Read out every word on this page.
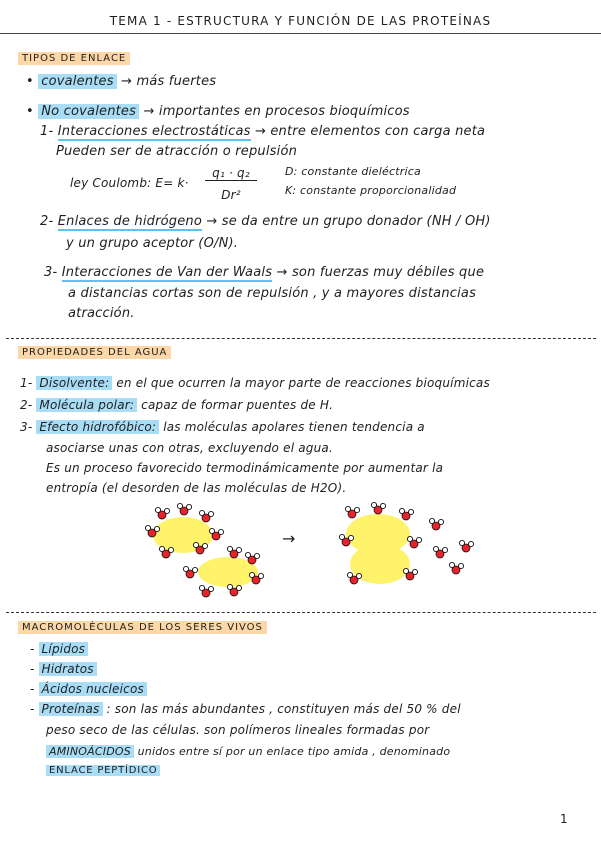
TEMA 1 - ESTRUCTURA Y FUNCIÓN DE LAS PROTEÍNAS
TIPOS DE ENLACE
• covalentes → más fuertes
• No covalentes → importantes en procesos bioquímicos
1- Interacciones electrostáticas → entre elementos con carga neta
Pueden ser de atracción o repulsión
ley Coulomb: E= k·
q₁ · q₂
Dr²
D: constante dieléctrica
K: constante proporcionalidad
2- Enlaces de hidrógeno → se da entre un grupo donador (NH / OH)
y un grupo aceptor (O/N).
3- Interacciones de Van der Waals → son fuerzas muy débiles que
a distancias cortas son de repulsión , y a mayores distancias
atracción.
PROPIEDADES DEL AGUA
1- Disolvente: en el que ocurren la mayor parte de reacciones bioquímicas
2- Molécula polar: capaz de formar puentes de H.
3- Efecto hidrofóbico: las moléculas apolares tienen tendencia a
asociarse unas con otras, excluyendo el agua.
Es un proceso favorecido termodinámicamente por aumentar la
entropía (el desorden de las moléculas de H2O).
→
MACROMOLÉCULAS DE LOS SERES VIVOS
- Lípidos
- Hidratos
- Ácidos nucleicos
- Proteínas : son las más abundantes , constituyen más del 50 % del
peso seco de las células. son polímeros lineales formadas por
AMINOÁCIDOS unidos entre sí por un enlace tipo amida , denominado
ENLACE PEPTÍDICO
1
